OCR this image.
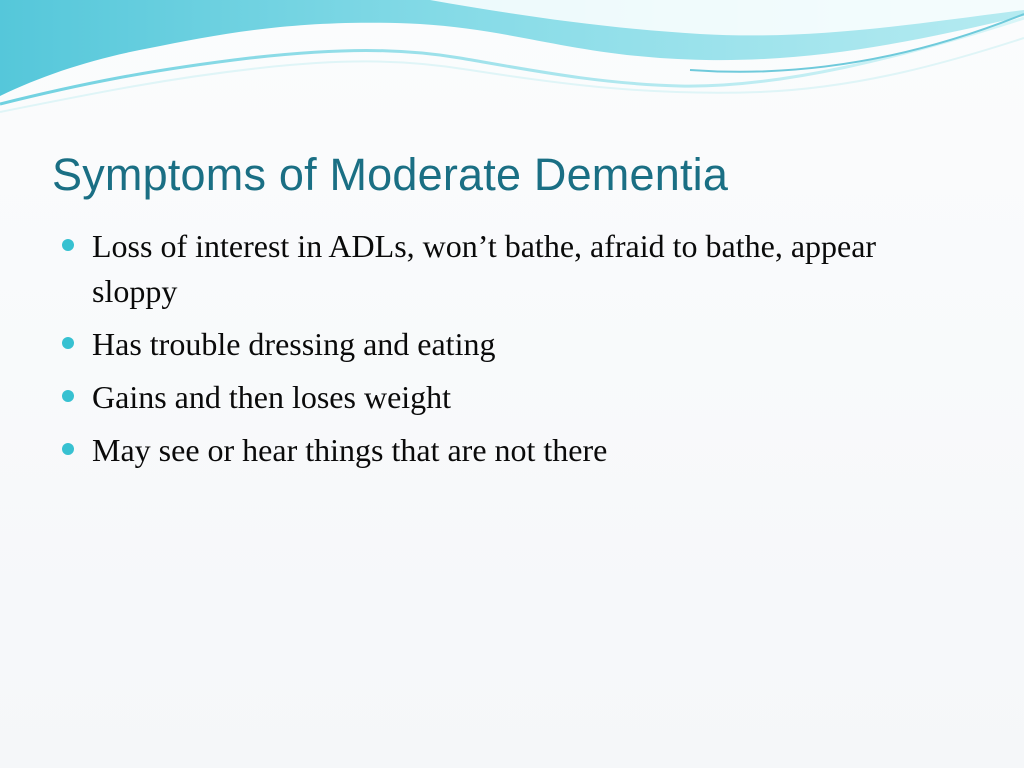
Symptoms of Moderate Dementia
Loss of interest in ADLs, won’t bathe, afraid to bathe, appear sloppy
Has trouble dressing and eating
Gains and then loses weight
May see or hear things that are not there
